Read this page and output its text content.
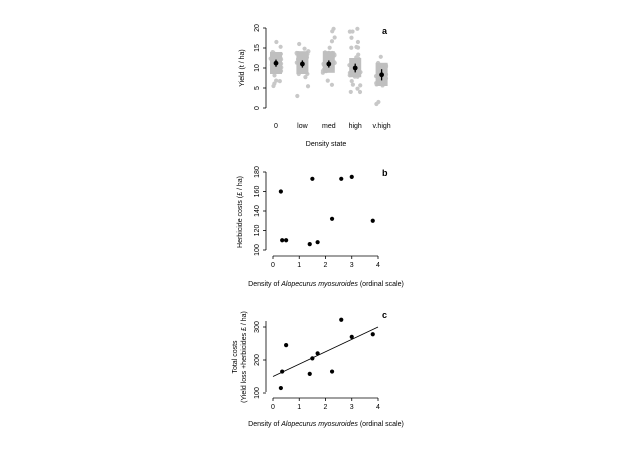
0
5
10
15
20
0	low med high v.high
Density state
Yield (t / ha)
a
100
120
140
160
180
0	1	2	3	4
Density of Alopecurus myosuroides (ordinal scale)
Herbicide costs (£ / ha)
b
100
200
300
0	1	2	3	4
Density of Alopecurus myosuroides (ordinal scale)
Total costs (Yield loss +herbicides £ / ha)	c
